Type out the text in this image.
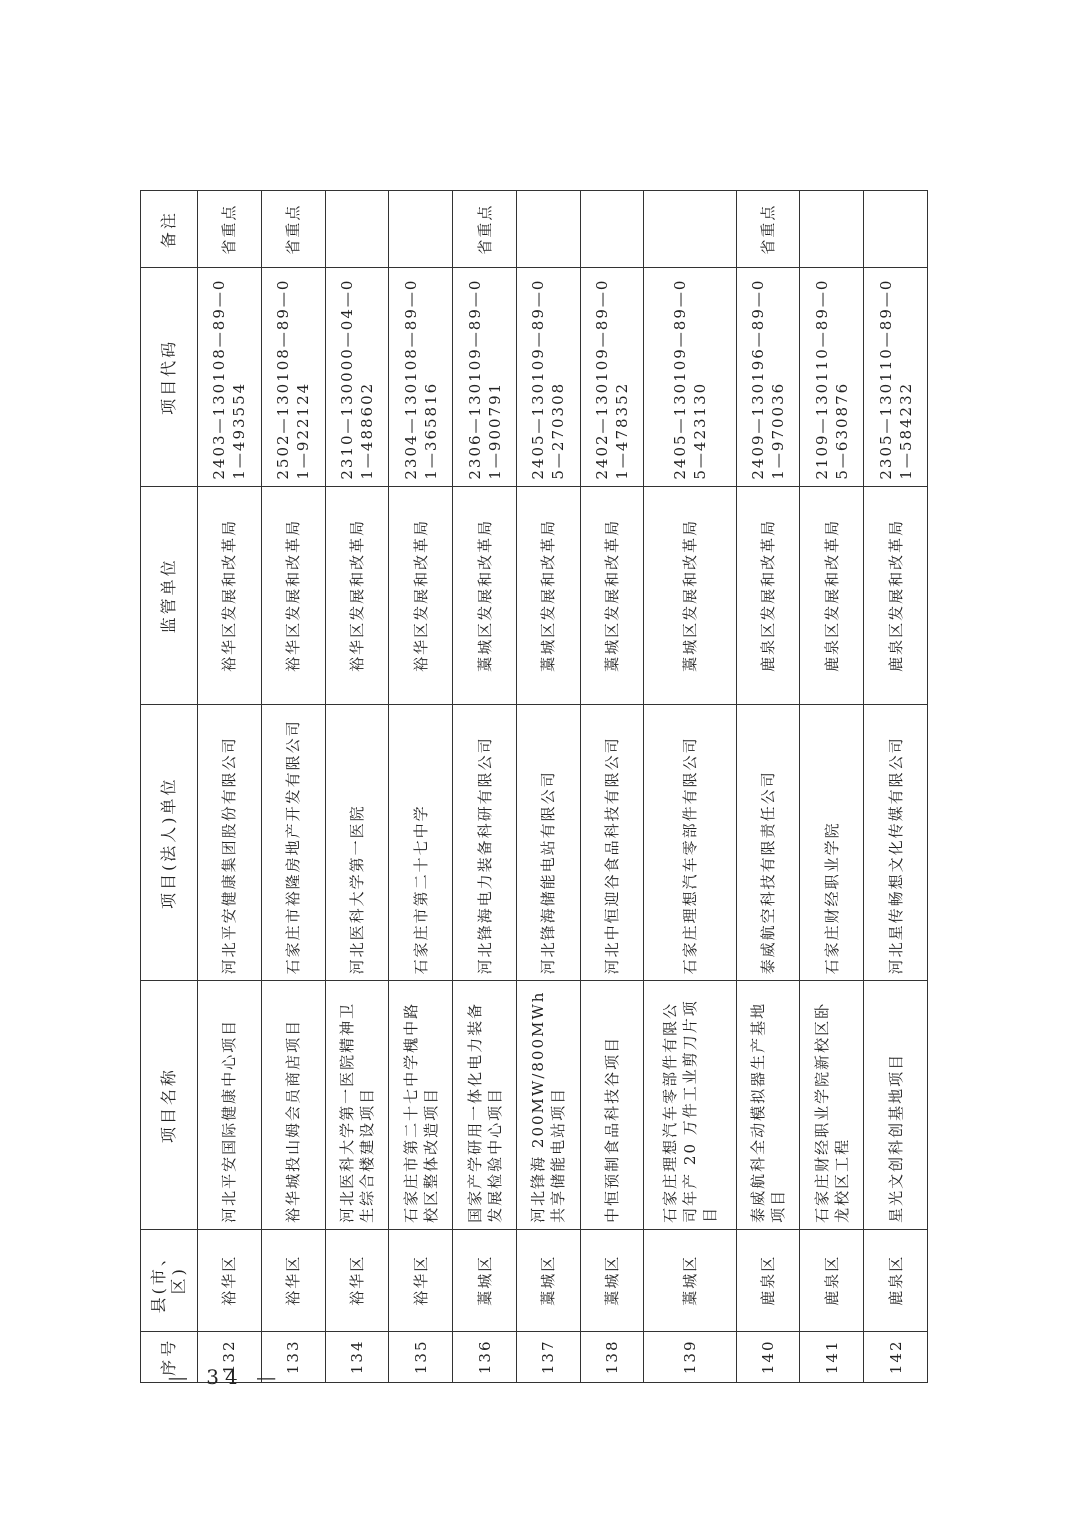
序号	县(市、区)	项目名称	项目(法人)单位	监管单位	项目代码	备注
132	裕华区	河北平安国际健康中心项目	河北平安健康集团股份有限公司	裕华区发展和改革局	2403—130108—89—01—493554	省重点
133	裕华区	裕华城投山姆会员商店项目	石家庄市裕隆房地产开发有限公司	裕华区发展和改革局	2502—130108—89—01—922124	省重点
134	裕华区	河北医科大学第一医院精神卫生综合楼建设项目	河北医科大学第一医院	裕华区发展和改革局	2310—130000—04—01—488602	
135	裕华区	石家庄市第二十七中学槐中路校区整体改造项目	石家庄市第二十七中学	裕华区发展和改革局	2304—130108—89—01—365816	
136	藁城区	国家产学研用一体化电力装备发展检验中心项目	河北锋海电力装备科研有限公司	藁城区发展和改革局	2306—130109—89—01—900791	省重点
137	藁城区	河北锋海 200MW/800MWh 共享储能电站项目	河北锋海储能电站有限公司	藁城区发展和改革局	2405—130109—89—05—270308	
138	藁城区	中恒预制食品科技谷项目	河北中恒迎谷食品科技有限公司	藁城区发展和改革局	2402—130109—89—01—478352	
139	藁城区	石家庄理想汽车零部件有限公司年产 20 万件工业剪刀片项目	石家庄理想汽车零部件有限公司	藁城区发展和改革局	2405—130109—89—05—423130	
140	鹿泉区	泰威航科全动模拟器生产基地项目	泰威航空科技有限责任公司	鹿泉区发展和改革局	2409—130196—89—01—970036	省重点
141	鹿泉区	石家庄财经职业学院新校区卧龙校区工程	石家庄财经职业学院	鹿泉区发展和改革局	2109—130110—89—05—630876	
142	鹿泉区	星光文创科创基地项目	河北星传畅想文化传媒有限公司	鹿泉区发展和改革局	2305—130110—89—01—584232	
— 34 —
